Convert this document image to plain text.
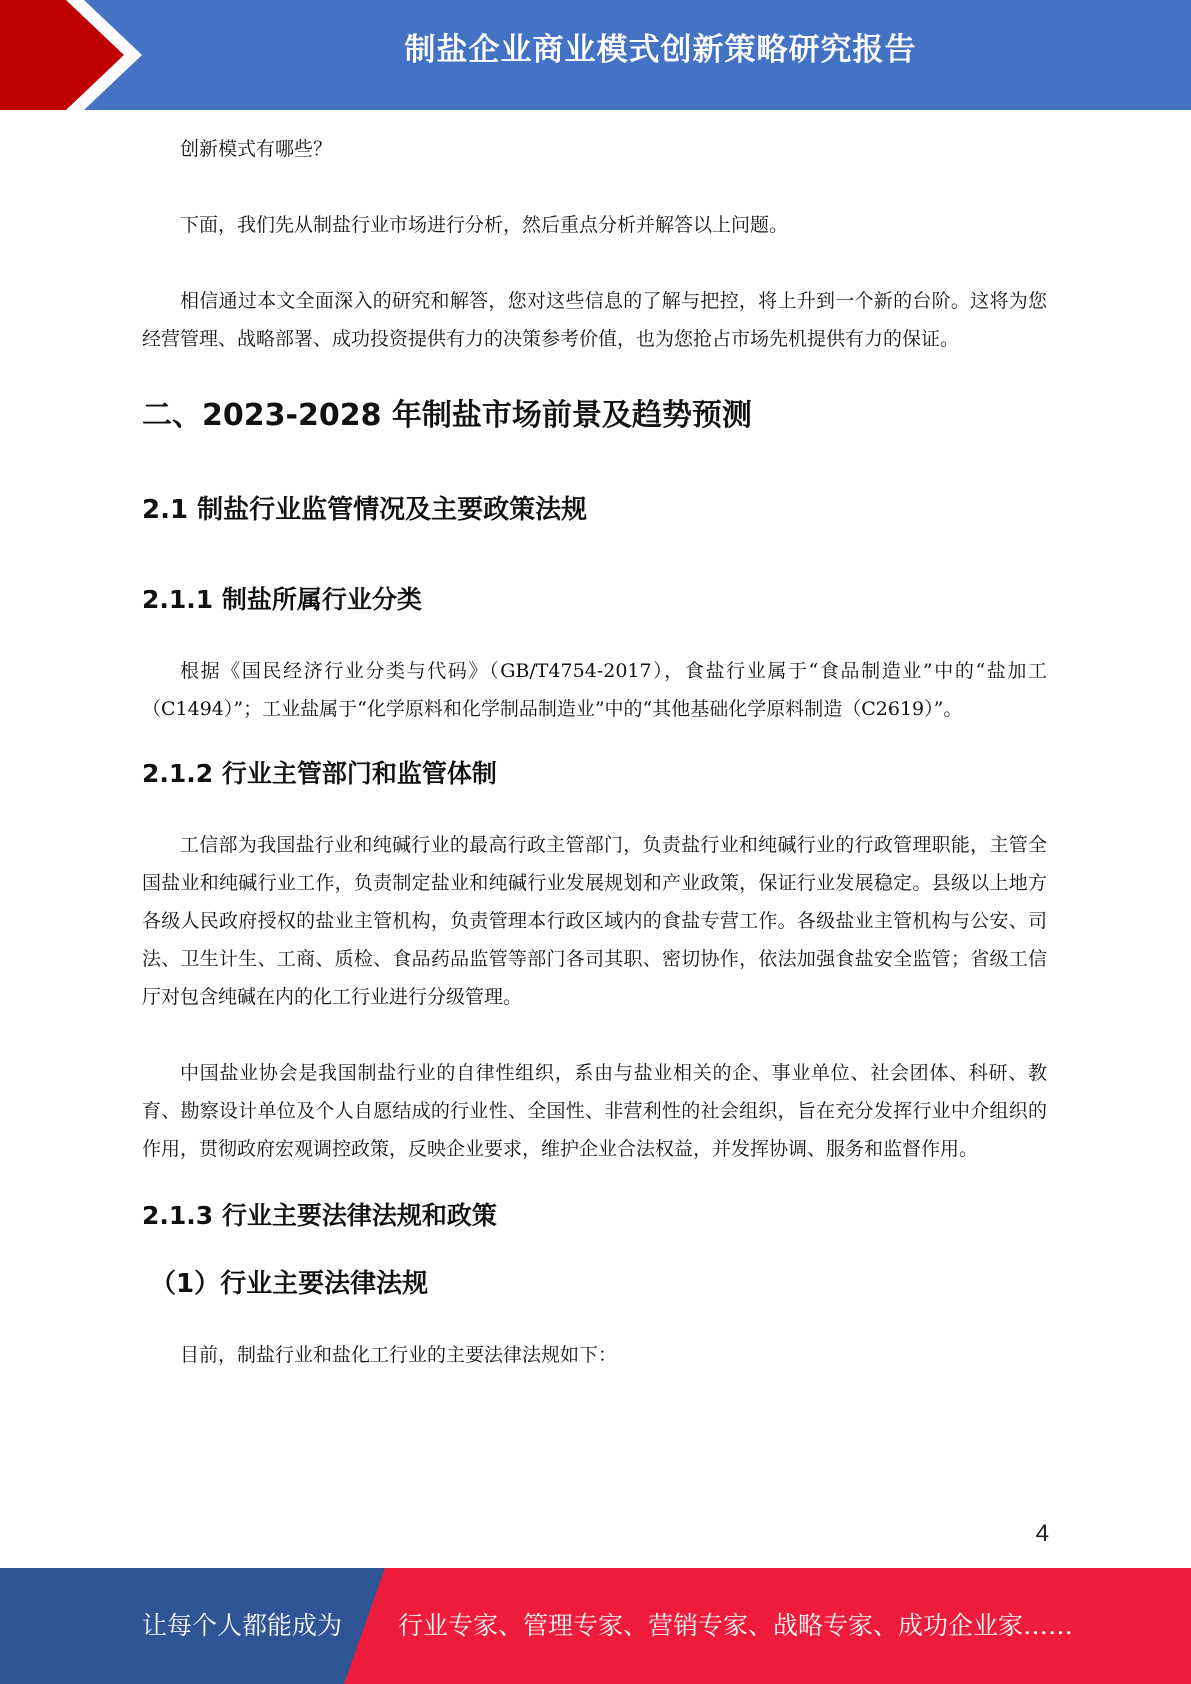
制盐企业商业模式创新策略研究报告

创新模式有哪些？

下面，我们先从制盐行业市场进行分析，然后重点分析并解答以上问题。

相信通过本文全面深入的研究和解答，您对这些信息的了解与把控，将上升到一个新的台阶。这将为您经营管理、战略部署、成功投资提供有力的决策参考价值，也为您抢占市场先机提供有力的保证。

二、2023-2028 年制盐市场前景及趋势预测
2.1 制盐行业监管情况及主要政策法规
2.1.1 制盐所属行业分类

根据《国民经济行业分类与代码》（GB/T4754-2017），食盐行业属于“食品制造业”中的“盐加工（C1494）”；工业盐属于“化学原料和化学制品制造业”中的“其他基础化学原料制造（C2619）”。

2.1.2 行业主管部门和监管体制

工信部为我国盐行业和纯碱行业的最高行政主管部门，负责盐行业和纯碱行业的行政管理职能，主管全国盐业和纯碱行业工作，负责制定盐业和纯碱行业发展规划和产业政策，保证行业发展稳定。县级以上地方各级人民政府授权的盐业主管机构，负责管理本行政区域内的食盐专营工作。各级盐业主管机构与公安、司法、卫生计生、工商、质检、食品药品监管等部门各司其职、密切协作，依法加强食盐安全监管；省级工信厅对包含纯碱在内的化工行业进行分级管理。

中国盐业协会是我国制盐行业的自律性组织，系由与盐业相关的企、事业单位、社会团体、科研、教育、勘察设计单位及个人自愿结成的行业性、全国性、非营利性的社会组织，旨在充分发挥行业中介组织的作用，贯彻政府宏观调控政策，反映企业要求，维护企业合法权益，并发挥协调、服务和监督作用。

2.1.3 行业主要法律法规和政策
（1）行业主要法律法规

目前，制盐行业和盐化工行业的主要法律法规如下：

4
让每个人都能成为 行业专家、管理专家、营销专家、战略专家、成功企业家……
